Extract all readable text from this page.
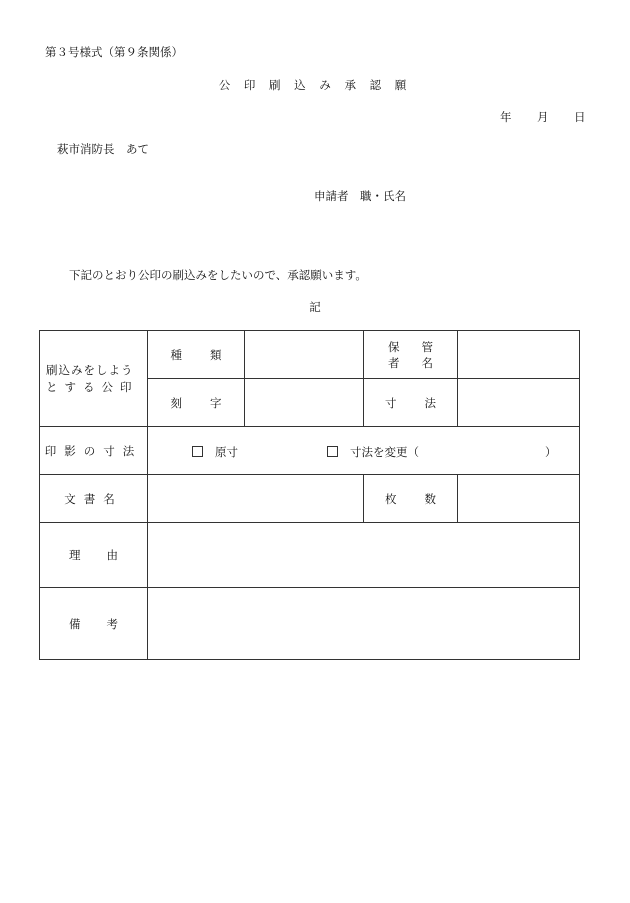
第３号様式（第９条関係）
公 印 刷 込 み 承 認 願
年 月 日
萩市消防長　あて
申請者　職・氏名
下記のとおり公印の刷込みをしたいので、承認願います。
記
刷込みをしよう
とする公印	種 類		保 管
者 名	

	刻 字		寸 法	

印影の寸法	原寸 寸法を変更（ ）			

文書名			枚 数	

理 由				

備 考				
